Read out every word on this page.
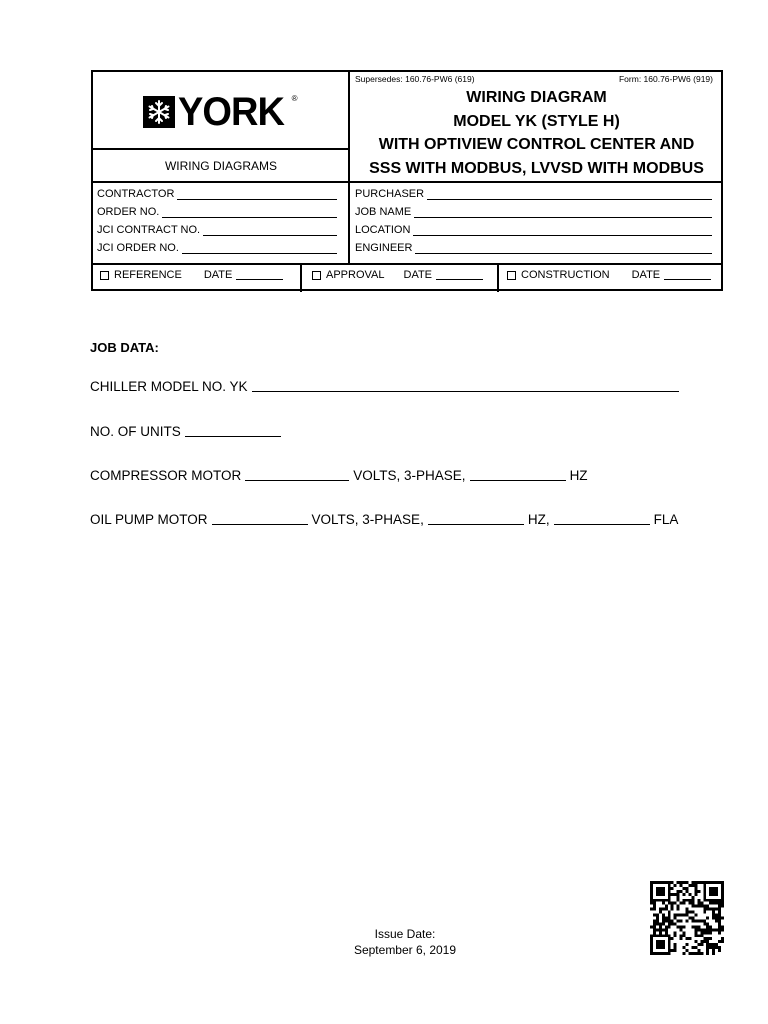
YORK ®
WIRING DIAGRAMS
Supersedes: 160.76-PW6 (619)	Form: 160.76-PW6 (919)
WIRING DIAGRAM
MODEL YK (STYLE H)
WITH OPTIVIEW CONTROL CENTER AND
SSS WITH MODBUS, LVVSD WITH MODBUS
CONTRACTOR
ORDER NO.
JCI CONTRACT NO.
JCI ORDER NO.
PURCHASER
JOB NAME
LOCATION
ENGINEER
REFERENCE DATE	APPROVAL DATE	CONSTRUCTION DATE
JOB DATA:
CHILLER MODEL NO. YK
NO. OF UNITS
COMPRESSOR MOTOR	VOLTS, 3-PHASE,	HZ
OIL PUMP MOTOR	VOLTS, 3-PHASE,	HZ,	FLA
Issue Date:
September 6, 2019
